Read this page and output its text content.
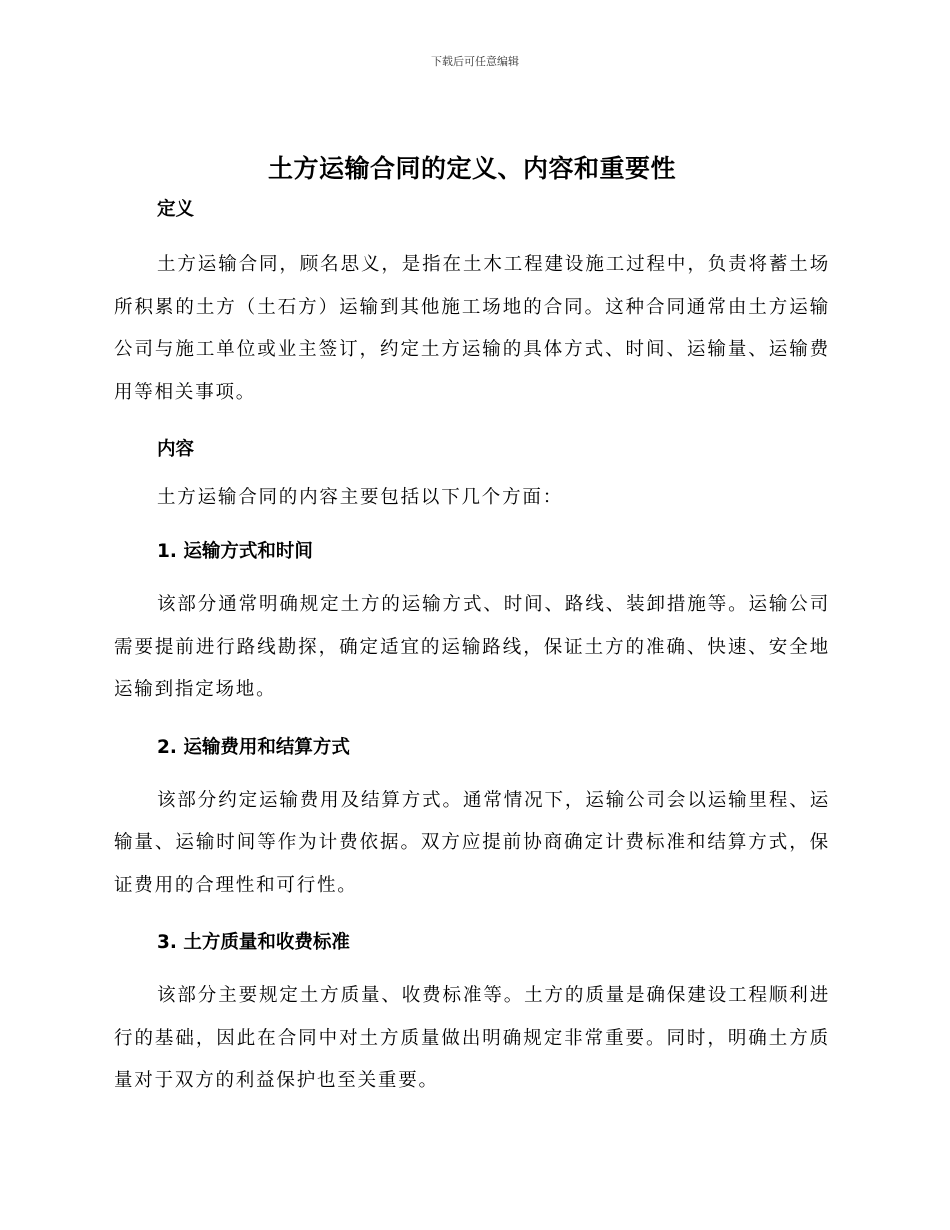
下载后可任意编辑
土方运输合同的定义、内容和重要性
定义

土方运输合同，顾名思义，是指在土木工程建设施工过程中，负责将蓄土场所积累的土方（土石方）运输到其他施工场地的合同。这种合同通常由土方运输公司与施工单位或业主签订，约定土方运输的具体方式、时间、运输量、运输费用等相关事项。

内容

土方运输合同的内容主要包括以下几个方面：

1. 运输方式和时间

该部分通常明确规定土方的运输方式、时间、路线、装卸措施等。运输公司需要提前进行路线勘探，确定适宜的运输路线，保证土方的准确、快速、安全地运输到指定场地。

2. 运输费用和结算方式

该部分约定运输费用及结算方式。通常情况下，运输公司会以运输里程、运输量、运输时间等作为计费依据。双方应提前协商确定计费标准和结算方式，保证费用的合理性和可行性。

3. 土方质量和收费标准

该部分主要规定土方质量、收费标准等。土方的质量是确保建设工程顺利进行的基础，因此在合同中对土方质量做出明确规定非常重要。同时，明确土方质量对于双方的利益保护也至关重要。
